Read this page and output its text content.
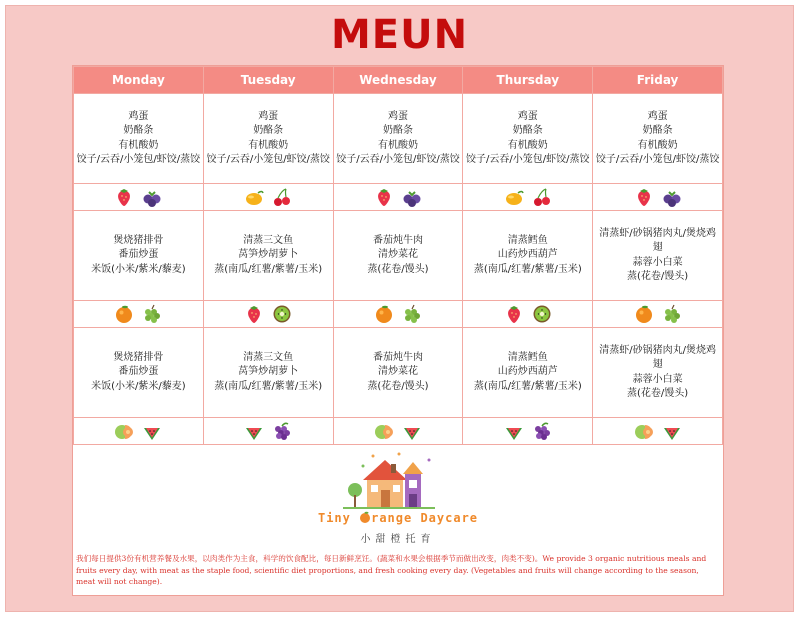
MEUN
Monday	Tuesday	Wednesday	Thursday	Friday

鸡蛋
奶酪条
有机酸奶
饺子/云吞/小笼包/虾饺/蒸饺	鸡蛋
奶酪条
有机酸奶
饺子/云吞/小笼包/虾饺/蒸饺	鸡蛋
奶酪条
有机酸奶
饺子/云吞/小笼包/虾饺/蒸饺	鸡蛋
奶酪条
有机酸奶
饺子/云吞/小笼包/虾饺/蒸饺	鸡蛋
奶酪条
有机酸奶
饺子/云吞/小笼包/虾饺/蒸饺

煲烧猪排骨
番茄炒蛋
米饭(小米/紫米/藜麦)	清蒸三文鱼
莴笋炒胡萝卜
蒸(南瓜/红薯/紫薯/玉米)	番茄炖牛肉
清炒菜花
蒸(花卷/馒头)	清蒸鳕鱼
山药炒西葫芦
蒸(南瓜/红薯/紫薯/玉米)	清蒸虾/砂锅猪肉丸/煲烧鸡
翅
蒜蓉小白菜
蒸(花卷/馒头)

煲烧猪排骨
番茄炒蛋
米饭(小米/紫米/藜麦)	清蒸三文鱼
莴笋炒胡萝卜
蒸(南瓜/红薯/紫薯/玉米)	番茄炖牛肉
清炒菜花
蒸(花卷/馒头)	清蒸鳕鱼
山药炒西葫芦
蒸(南瓜/红薯/紫薯/玉米)	清蒸虾/砂锅猪肉丸/煲烧鸡
翅
蒜蓉小白菜
蒸(花卷/馒头)

Tiny range Daycare
小甜橙托育
我们每日提供3份有机营养餐及水果，以肉类作为主食，科学的饮食配比，每日新鲜烹饪。(蔬菜和水果会根据季节而做出改变，肉类不变)。We provide 3 organic nutritious meals and fruits every day, with meat as the staple food, scientific diet proportions, and fresh cooking every day. (Vegetables and fruits will change according to the season, meat will not change).
